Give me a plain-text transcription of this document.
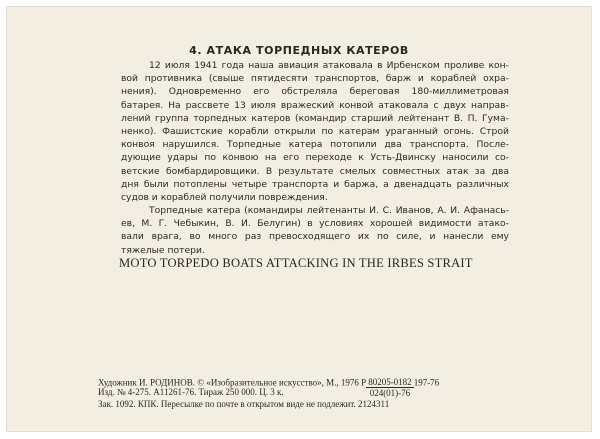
4. АТАКА ТОРПЕДНЫХ КАТЕРОВ
12 июля 1941 года наша авиация атаковала в Ирбенском проливе кон-
вой противника (свыше пятидесяти транспортов, барж и кораблей охра-
нения). Одновременно его обстреляла береговая 180-миллиметровая
батарея. На рассвете 13 июля вражеский конвой атаковала с двух направ-
лений группа торпедных катеров (командир старший лейтенант В. П. Гума-
ненко). Фашистские корабли открыли по катерам ураганный огонь. Строй
конвоя нарушился. Торпедные катера потопили два транспорта. После-
дующие удары по конвою на его переходе к Усть-Двинску наносили со-
ветские бомбардировщики. В результате смелых совместных атак за два
дня были потоплены четыре транспорта и баржа, а двенадцать различных
судов и кораблей получили повреждения.
Торпедные катера (командиры лейтенанты И. С. Иванов, А. И. Афанась-
ев, М. Г. Чебыкин, В. И. Белугин) в условиях хорошей видимости атако-
вали врага, во много раз превосходящего их по силе, и нанесли ему
тяжелые потери.
MOTO TORPEDO BOATS ATTACKING IN THE IRBES STRAIT
Художник И. РОДИНОВ. © «Изобразительное искусство», М., 1976 Р $\frac{80205-0182}{024(01)-76} 197-76$
Изд. № 4-275. А11261-76. Тираж 250 000. Ц. 3 к.
Зак. 1092. КПК. Пересылке по почте в открытом виде не подлежит. 2124311
